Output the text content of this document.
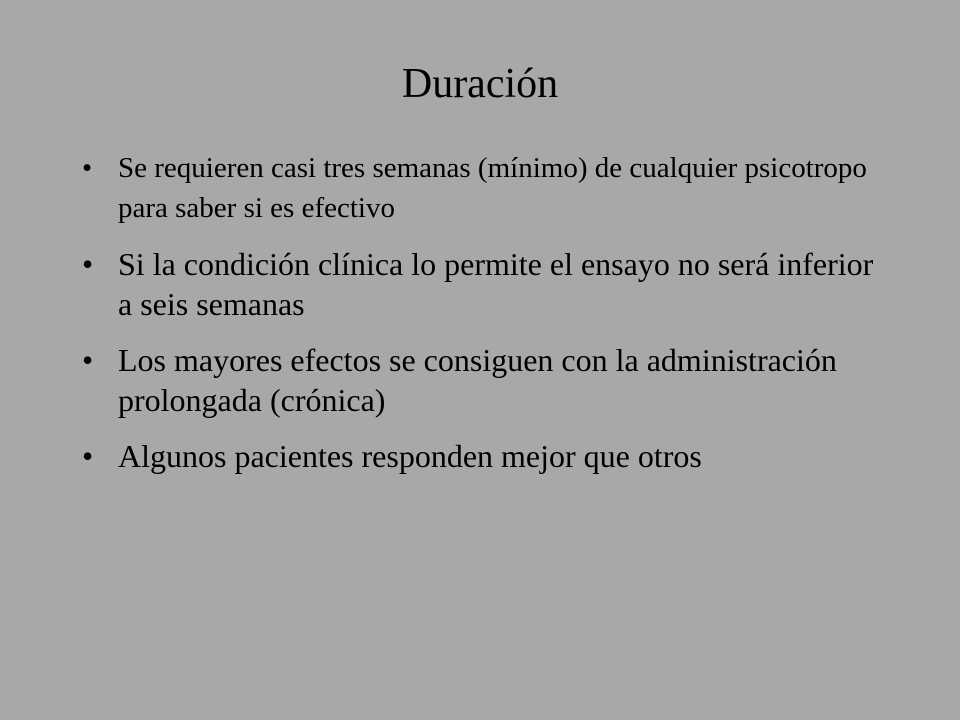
Duración
• Se requieren casi tres semanas (mínimo) de cualquier psicotropo para saber si es efectivo
• Si la condición clínica lo permite el ensayo no será inferior a seis semanas
• Los mayores efectos se consiguen con la administración prolongada (crónica)
• Algunos pacientes responden mejor que otros
